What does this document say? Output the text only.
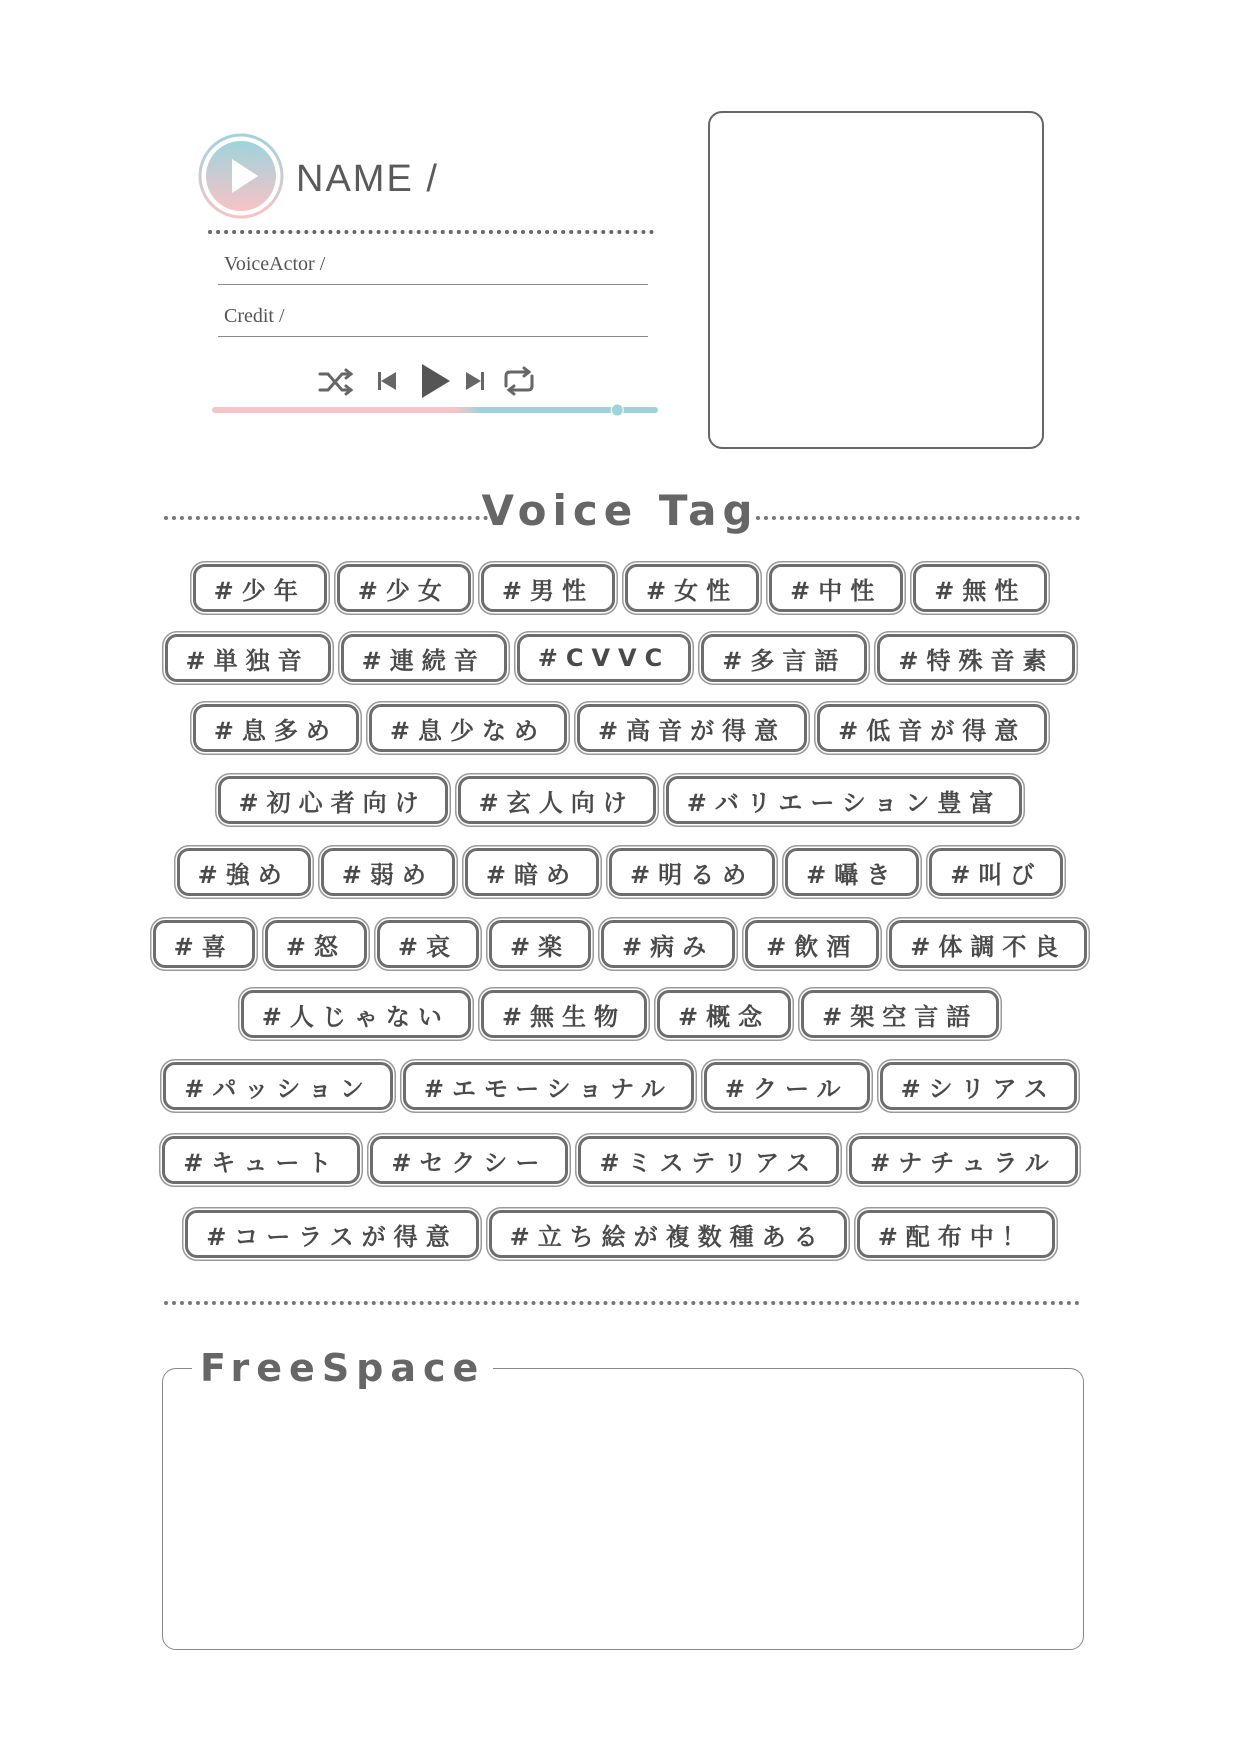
NAME /
VoiceActor /
Credit /
Voice Tag
#少年	#少女	#男性	#女性	#中性	#無性
#単独音	#連続音	#CVVC	#多言語	#特殊音素
#息多め	#息少なめ	#高音が得意	#低音が得意
#初心者向け	#玄人向け	#バリエーション豊富
#強め	#弱め	#暗め	#明るめ	#囁き	#叫び
#喜	#怒	#哀	#楽	#病み	#飲酒	#体調不良
#人じゃない	#無生物	#概念	#架空言語
#パッション	#エモーショナル	#クール	#シリアス
#キュート	#セクシー	#ミステリアス	#ナチュラル
#コーラスが得意	#立ち絵が複数種ある	#配布中！
FreeSpace
